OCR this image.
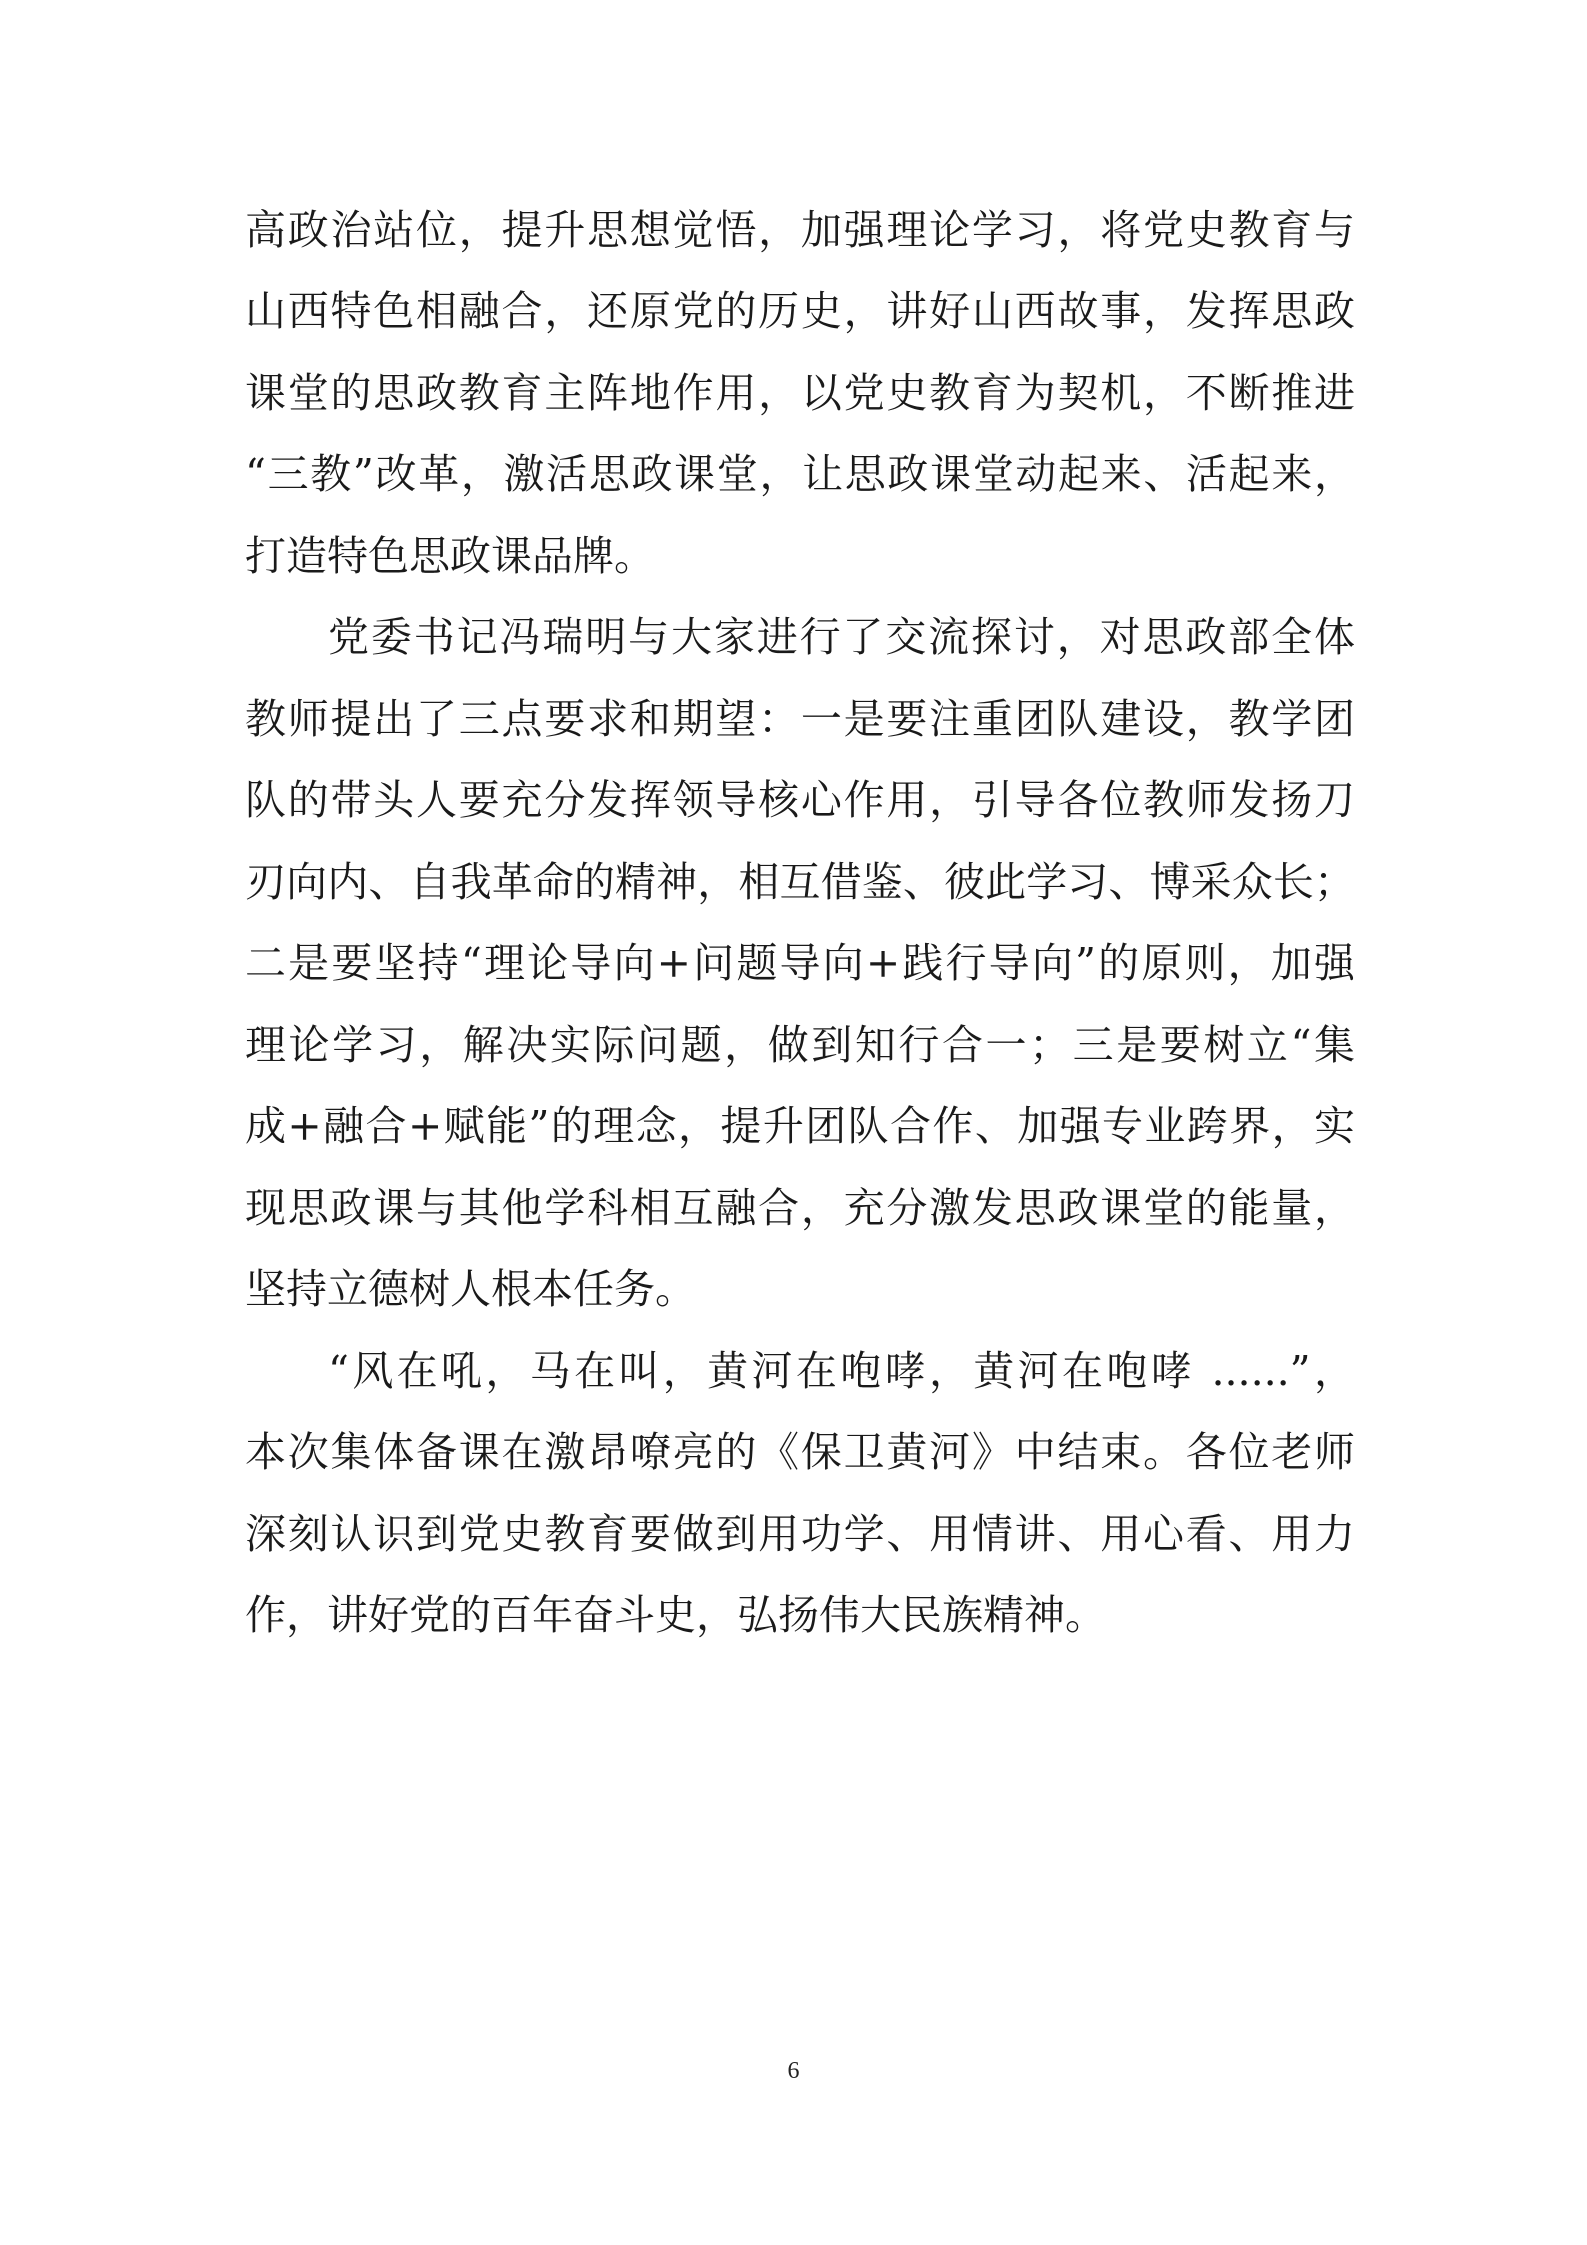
高政治站位，提升思想觉悟，加强理论学习，将党史教育与
山西特色相融合，还原党的历史，讲好山西故事，发挥思政
课堂的思政教育主阵地作用，以党史教育为契机，不断推进
“三教”改革，激活思政课堂，让思政课堂动起来、活起来，
打造特色思政课品牌。
党委书记冯瑞明与大家进行了交流探讨，对思政部全体
教师提出了三点要求和期望：一是要注重团队建设，教学团
队的带头人要充分发挥领导核心作用，引导各位教师发扬刀
刃向内、自我革命的精神，相互借鉴、彼此学习、博采众长；
二是要坚持“理论导向+问题导向+践行导向”的原则，加强
理论学习，解决实际问题，做到知行合一；三是要树立“集
成+融合+赋能”的理念，提升团队合作、加强专业跨界，实
现思政课与其他学科相互融合，充分激发思政课堂的能量，
坚持立德树人根本任务。
“风在吼，马在叫，黄河在咆哮，黄河在咆哮 ......”，
本次集体备课在激昂嘹亮的《保卫黄河》中结束。各位老师
深刻认识到党史教育要做到用功学、用情讲、用心看、用力
作，讲好党的百年奋斗史，弘扬伟大民族精神。
6
